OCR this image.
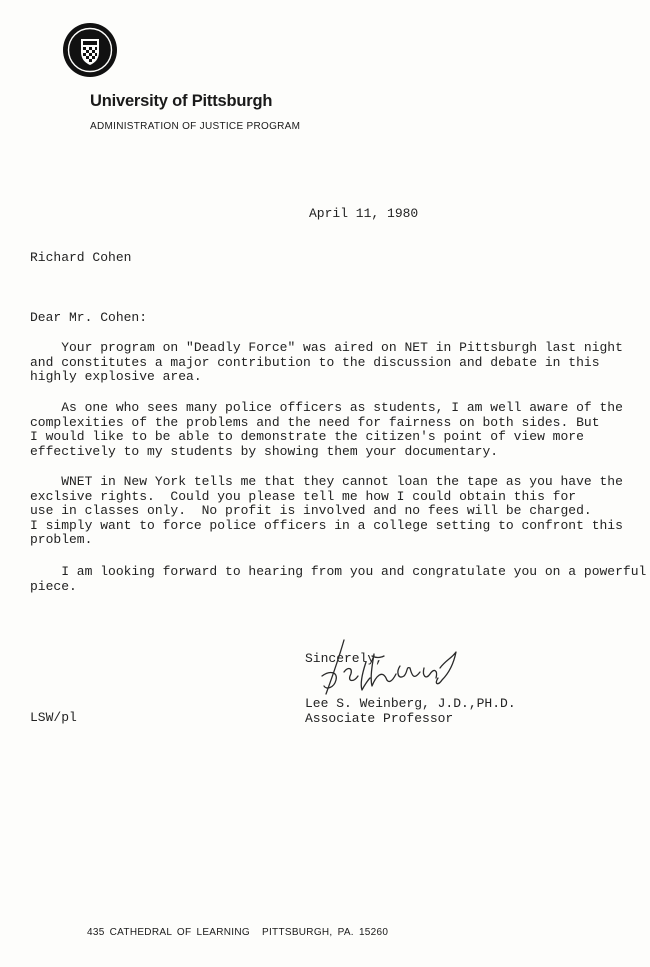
University of Pittsburgh
ADMINISTRATION OF JUSTICE PROGRAM
April 11, 1980
Richard Cohen
Dear Mr. Cohen:
Your program on "Deadly Force" was aired on NET in Pittsburgh last night
and constitutes a major contribution to the discussion and debate in this
highly explosive area.
As one who sees many police officers as students, I am well aware of the
complexities of the problems and the need for fairness on both sides. But
I would like to be able to demonstrate the citizen's point of view more
effectively to my students by showing them your documentary.
WNET in New York tells me that they cannot loan the tape as you have the
exclsive rights.  Could you please tell me how I could obtain this for
use in classes only.  No profit is involved and no fees will be charged.
I simply want to force police officers in a college setting to confront this
problem.
I am looking forward to hearing from you and congratulate you on a powerful
piece.
Sincerely,
Lee S. Weinberg, J.D.,PH.D.
Associate Professor
LSW/pl
435 CATHEDRAL OF LEARNING PITTSBURGH, PA. 15260
